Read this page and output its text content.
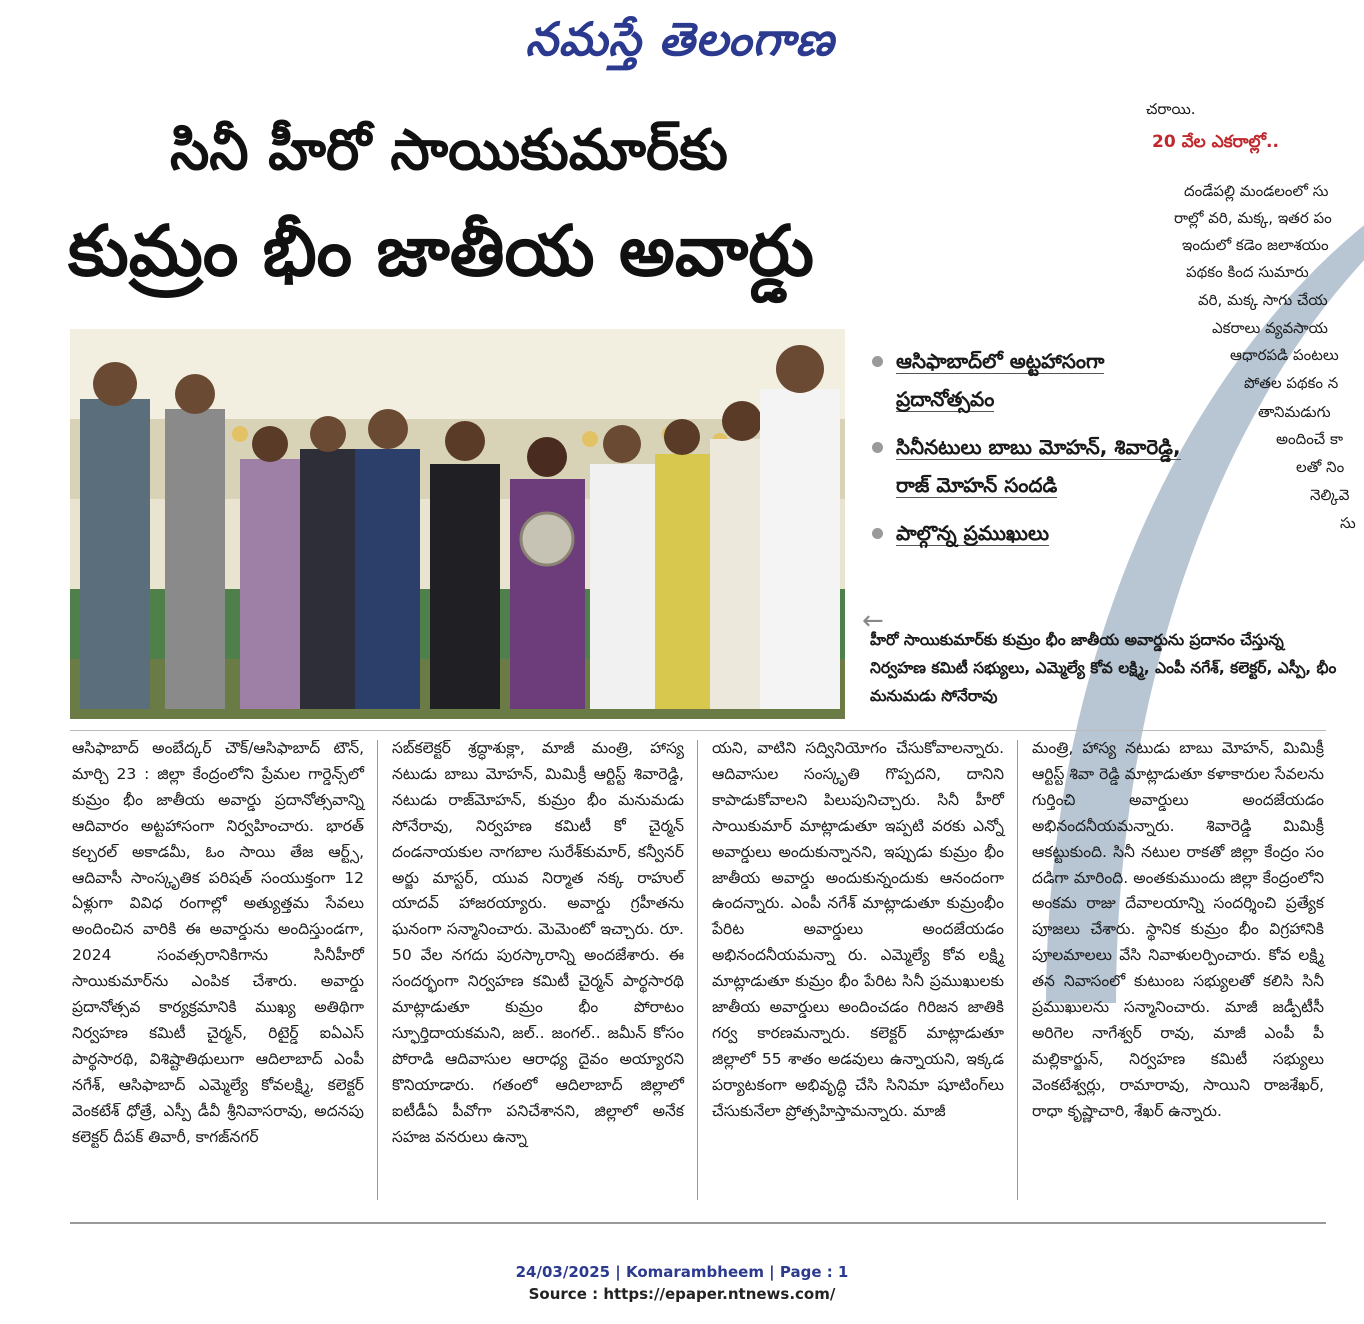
నమస్తే తెలంగాణ
చరాయి.
20 వేల ఎకరాల్లో..
దండేపల్లి మండలంలో సు
రాల్లో వరి, మక్క, ఇతర పం
ఇందులో కడెం జలాశయం
పథకం కింద సుమారు
వరి, మక్క సాగు చేయ
ఎకరాలు వ్యవసాయ
ఆధారపడి పంటలు
పోతల పథకం న
తానిమడుగు
అందించే కా
లతో నిం
నెల్కివె
సు
సినీ హీరో సాయికుమార్‌కు
కుమ్రం భీం జాతీయ అవార్డు
ఆసిఫాబాద్‌లో అట్టహాసంగా ప్రదానోత్సవం
సినీనటులు బాబు మోహన్, శివారెడ్డి, రాజ్ మోహన్ సందడి
పాల్గొన్న ప్రముఖులు
←
హీరో సాయికుమార్‌కు కుమ్రం భీం జాతీయ అవార్డును ప్రదానం చేస్తున్న నిర్వహణ కమిటీ సభ్యులు, ఎమ్మెల్యే కోవ లక్ష్మి, ఎంపీ నగేశ్, కలెక్టర్, ఎస్పీ, భీం మనుమడు సోనేరావు

ఆసిఫాబాద్ అంబేద్కర్ చౌక్/ఆసిఫాబాద్ టౌన్, మార్చి 23 : జిల్లా కేంద్రంలోని ప్రేమల గార్డెన్స్‌లో కుమ్రం భీం జాతీయ అవార్డు ప్రదానోత్సవాన్ని ఆదివారం అట్టహాసంగా నిర్వహించారు. భారత్ కల్చరల్ అకాడమీ, ఓం సాయి తేజ ఆర్ట్స్, ఆదివాసీ సాంస్కృతిక పరిషత్ సంయుక్తంగా 12 ఏళ్లుగా వివిధ రంగాల్లో అత్యుత్తమ సేవలు అందించిన వారికి ఈ అవార్డును అందిస్తుండగా, 2024 సంవత్సరానికిగాను సినీహీరో సాయికుమార్‌ను ఎంపిక చేశారు. అవార్డు ప్రదానోత్సవ కార్యక్రమానికి ముఖ్య అతిథిగా నిర్వహణ కమిటీ చైర్మన్, రిటైర్డ్ ఐఏఎస్ పార్థసారథి, విశిష్టాతిథులుగా ఆదిలాబాద్ ఎంపీ నగేశ్, ఆసిఫాబాద్ ఎమ్మెల్యే కోవలక్ష్మి, కలెక్టర్ వెంకటేశ్ ధోత్రే, ఎస్పీ డీవీ శ్రీనివాసరావు, అదనపు కలెక్టర్ దీపక్ తివారీ, కాగజ్‌నగర్

సబ్‌కలెక్టర్ శ్రద్ధాశుక్లా, మాజీ మంత్రి, హాస్య నటుడు బాబు మోహన్, మిమిక్రీ ఆర్టిస్ట్ శివారెడ్డి, నటుడు రాజ్‌మోహన్, కుమ్రం భీం మనుమడు సోనేరావు, నిర్వహణ కమిటీ కో చైర్మన్ దండనాయకుల నాగబాల సురేశ్‌కుమార్, కన్వీనర్ అర్జు మాస్టర్, యువ నిర్మాత నక్క రాహుల్ యాదవ్ హాజరయ్యారు. అవార్డు గ్రహీతను ఘనంగా సన్మానించారు. మెమెంటో ఇచ్చారు. రూ. 50 వేల నగదు పురస్కారాన్ని అందజేశారు. ఈ సందర్భంగా నిర్వహణ కమిటీ చైర్మన్ పార్థసారథి మాట్లాడుతూ కుమ్రం భీం పోరాటం స్ఫూర్తిదాయకమని, జల్.. జంగల్.. జమీన్ కోసం పోరాడి ఆదివాసుల ఆరాధ్య దైవం అయ్యారని కొనియాడారు. గతంలో ఆదిలాబాద్ జిల్లాలో ఐటీడీఏ పీవోగా పనిచేశానని, జిల్లాలో అనేక సహజ వనరులు ఉన్నా

యని, వాటిని సద్వినియోగం చేసుకోవాలన్నారు. ఆదివాసుల సంస్కృతి గొప్పదని, దానిని కాపాడుకోవాలని పిలుపునిచ్చారు. సినీ హీరో సాయికుమార్ మాట్లాడుతూ ఇప్పటి వరకు ఎన్నో అవార్డులు అందుకున్నానని, ఇప్పుడు కుమ్రం భీం జాతీయ అవార్డు అందుకున్నందుకు ఆనందంగా ఉందన్నారు. ఎంపీ నగేశ్ మాట్లాడుతూ కుమ్రంభీం పేరిట అవార్డులు అందజేయడం అభినందనీయమన్నా రు. ఎమ్మెల్యే కోవ లక్ష్మి మాట్లాడుతూ కుమ్రం భీం పేరిట సినీ ప్రముఖులకు జాతీయ అవార్డులు అందించడం గిరిజన జాతికి గర్వ కారణమన్నారు. కలెక్టర్ మాట్లాడుతూ జిల్లాలో 55 శాతం అడవులు ఉన్నాయని, ఇక్కడ పర్యాటకంగా అభివృద్ధి చేసి సినిమా షూటింగ్‌లు చేసుకునేలా ప్రోత్సహిస్తామన్నారు. మాజీ

మంత్రి, హాస్య నటుడు బాబు మోహన్, మిమిక్రీ ఆర్టిస్ట్ శివా రెడ్డి మాట్లాడుతూ కళాకారుల సేవలను గుర్తించి అవార్డులు అందజేయడం అభినందనీయమన్నారు. శివారెడ్డి మిమిక్రీ ఆకట్టుకుంది. సినీ నటుల రాకతో జిల్లా కేంద్రం సం దడిగా మారింది. అంతకుముందు జిల్లా కేంద్రంలోని అంకమ రాజు దేవాలయాన్ని సందర్శించి ప్రత్యేక పూజలు చేశారు. స్థానిక కుమ్రం భీం విగ్రహానికి పూలమాలలు వేసి నివాళులర్పించారు. కోవ లక్ష్మి తన నివాసంలో కుటుంబ సభ్యులతో కలిసి సినీ ప్రముఖులను సన్మానించారు. మాజీ జడ్పీటీసీ అరిగెల నాగేశ్వర్ రావు, మాజీ ఎంపీ పీ మల్లికార్జున్, నిర్వహణ కమిటీ సభ్యులు వెంకటేశ్వర్లు, రామారావు, సాయిని రాజశేఖర్, రాధా కృష్ణాచారి, శేఖర్ ఉన్నారు.

24/03/2025 | Komarambheem | Page : 1
Source : https://epaper.ntnews.com/
